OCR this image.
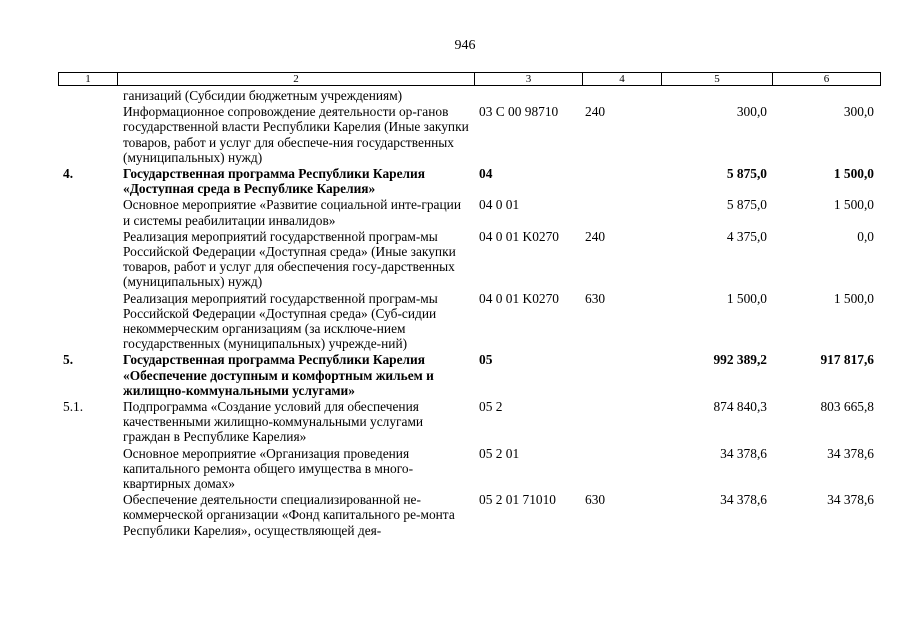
946
1	2	3	4	5	6
	ганизаций (Субсидии бюджетным учреждениям)				
	Информационное сопровождение деятельности ор-ганов государственной власти Республики Карелия (Иные закупки товаров, работ и услуг для обеспече-ния государственных (муниципальных) нужд)	03 С 00 98710	240	300,0	300,0
4.	Государственная программа Республики Карелия «Доступная среда в Республике Карелия»	04		5 875,0	1 500,0
	Основное мероприятие «Развитие социальной инте-грации и системы реабилитации инвалидов»	04 0 01		5 875,0	1 500,0
	Реализация мероприятий государственной програм-мы Российской Федерации «Доступная среда» (Иные закупки товаров, работ и услуг для обеспечения госу-дарственных (муниципальных) нужд)	04 0 01 K0270	240	4 375,0	0,0
	Реализация мероприятий государственной програм-мы Российской Федерации «Доступная среда» (Суб-сидии некоммерческим организациям (за исключе-нием государственных (муниципальных) учрежде-ний)	04 0 01 K0270	630	1 500,0	1 500,0
5.	Государственная программа Республики Карелия «Обеспечение доступным и комфортным жильем и жилищно-коммунальными услугами»	05		992 389,2	917 817,6
5.1.	Подпрограмма «Создание условий для обеспечения качественными жилищно-коммунальными услугами граждан в Республике Карелия»	05 2		874 840,3	803 665,8
	Основное мероприятие «Организация проведения капитального ремонта общего имущества в много-квартирных домах»	05 2 01		34 378,6	34 378,6
	Обеспечение деятельности специализированной не-коммерческой организации «Фонд капитального ре-монта Республики Карелия», осуществляющей дея-	05 2 01 71010	630	34 378,6	34 378,6
